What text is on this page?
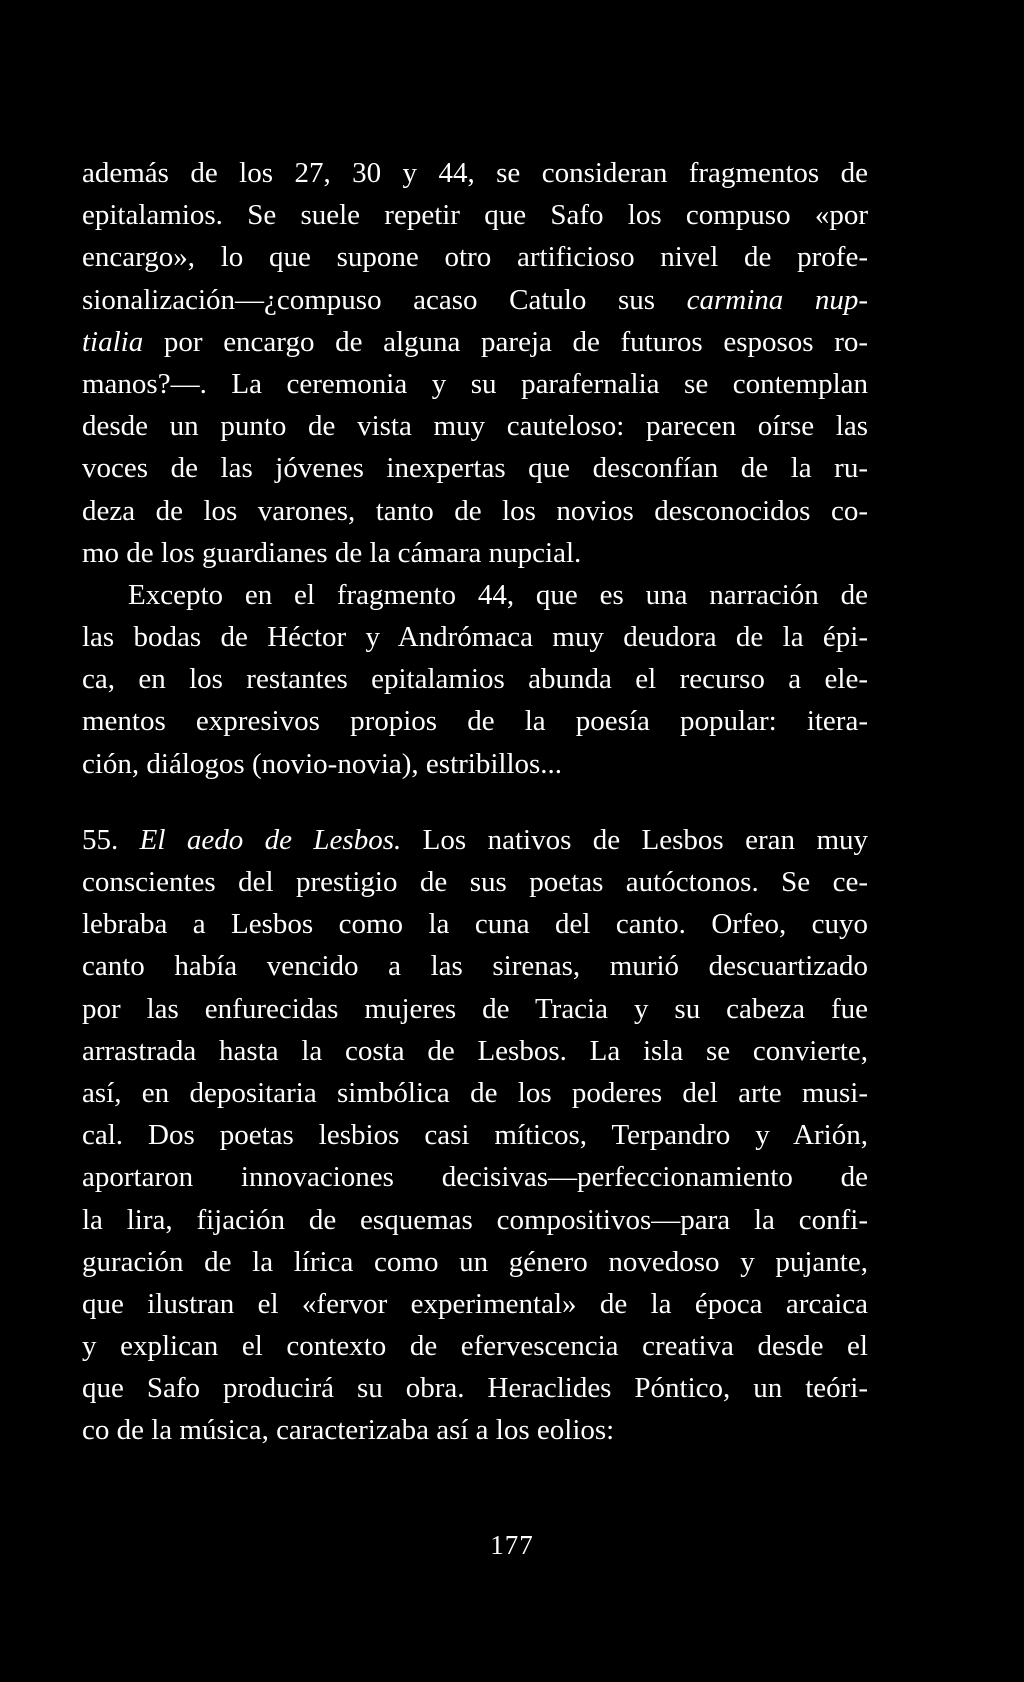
además de los 27, 30 y 44, se consideran fragmentos de
epitalamios. Se suele repetir que Safo los compuso «por
encargo», lo que supone otro artificioso nivel de profe-
sionalización—¿compuso acaso Catulo sus carmina nup-
tialia por encargo de alguna pareja de futuros esposos ro-
manos?—. La ceremonia y su parafernalia se contemplan
desde un punto de vista muy cauteloso: parecen oírse las
voces de las jóvenes inexpertas que desconfían de la ru-
deza de los varones, tanto de los novios desconocidos co-
mo de los guardianes de la cámara nupcial.
Excepto en el fragmento 44, que es una narración de
las bodas de Héctor y Andrómaca muy deudora de la épi-
ca, en los restantes epitalamios abunda el recurso a ele-
mentos expresivos propios de la poesía popular: itera-
ción, diálogos (novio-novia), estribillos...
55. El aedo de Lesbos. Los nativos de Lesbos eran muy
conscientes del prestigio de sus poetas autóctonos. Se ce-
lebraba a Lesbos como la cuna del canto. Orfeo, cuyo
canto había vencido a las sirenas, murió descuartizado
por las enfurecidas mujeres de Tracia y su cabeza fue
arrastrada hasta la costa de Lesbos. La isla se convierte,
así, en depositaria simbólica de los poderes del arte musi-
cal. Dos poetas lesbios casi míticos, Terpandro y Arión,
aportaron innovaciones decisivas—perfeccionamiento de
la lira, fijación de esquemas compositivos—para la confi-
guración de la lírica como un género novedoso y pujante,
que ilustran el «fervor experimental» de la época arcaica
y explican el contexto de efervescencia creativa desde el
que Safo producirá su obra. Heraclides Póntico, un teóri-
co de la música, caracterizaba así a los eolios:
177
